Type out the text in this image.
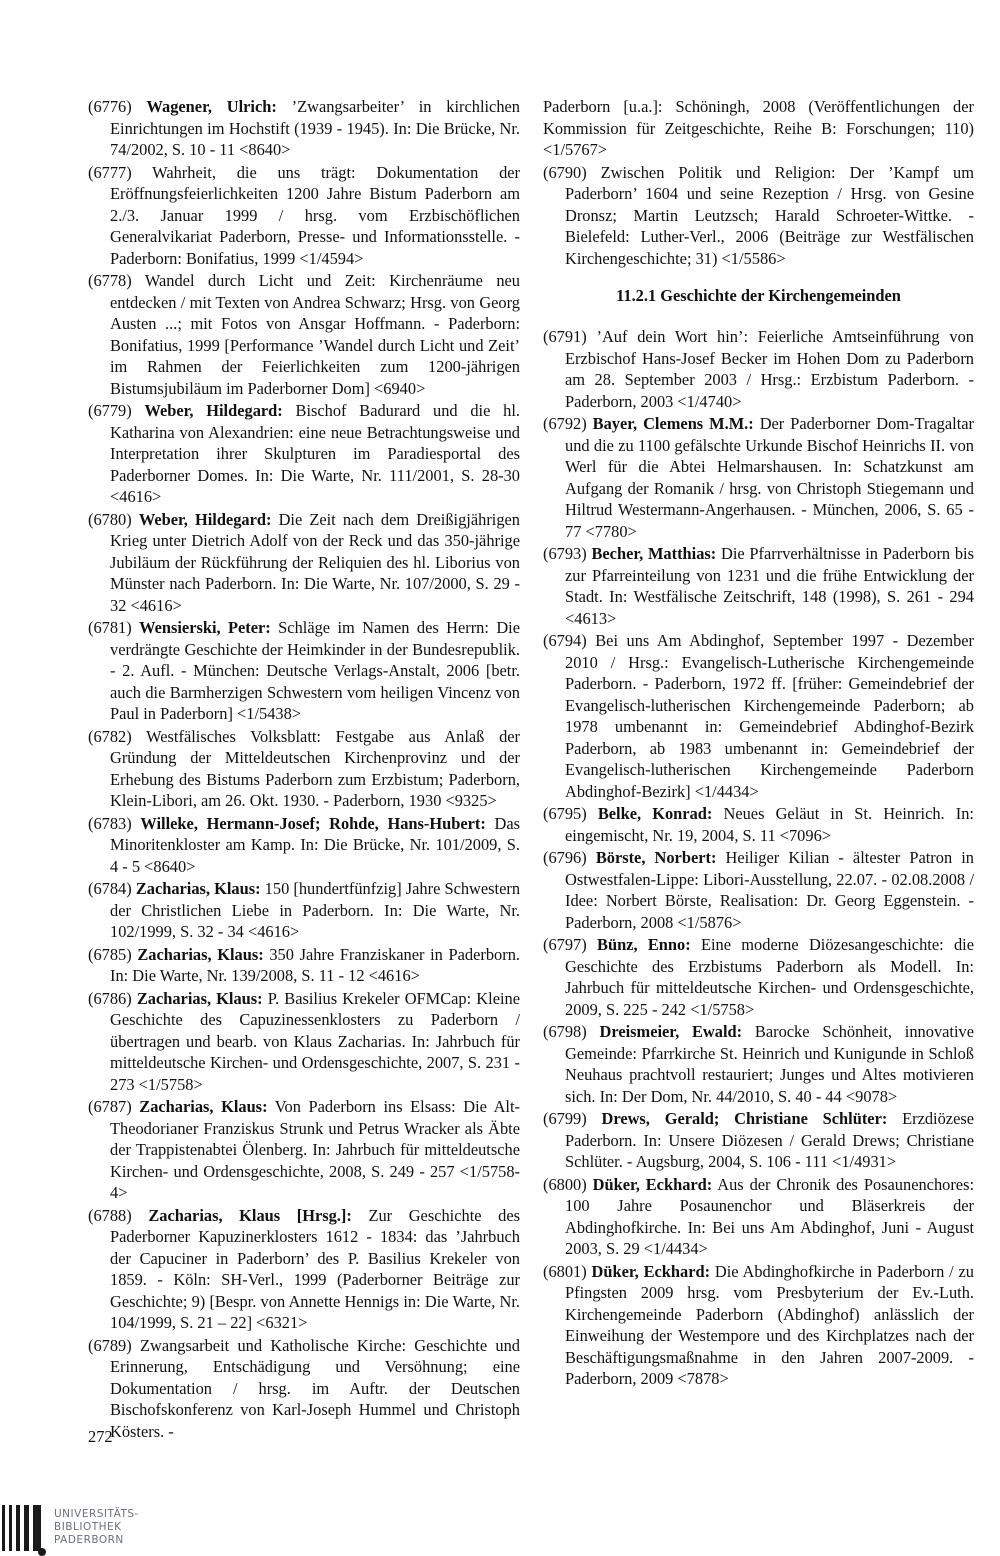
(6776) Wagener, Ulrich: ’Zwangsarbeiter’ in kirchlichen Einrichtungen im Hochstift (1939 - 1945). In: Die Brücke, Nr. 74/2002, S. 10 - 11 <8640>
(6777) Wahrheit, die uns trägt: Dokumentation der Eröffnungsfeierlichkeiten 1200 Jahre Bistum Paderborn am 2./3. Januar 1999 / hrsg. vom Erzbischöflichen Generalvikariat Paderborn, Presse- und Informationsstelle. - Paderborn: Bonifatius, 1999 <1/4594>
(6778) Wandel durch Licht und Zeit: Kirchenräume neu entdecken / mit Texten von Andrea Schwarz; Hrsg. von Georg Austen ...; mit Fotos von Ansgar Hoffmann. - Paderborn: Bonifatius, 1999 [Performance ’Wandel durch Licht und Zeit’ im Rahmen der Feierlichkeiten zum 1200-jährigen Bistumsjubiläum im Paderborner Dom] <6940>
(6779) Weber, Hildegard: Bischof Badurard und die hl. Katharina von Alexandrien: eine neue Betrachtungsweise und Interpretation ihrer Skulpturen im Paradiesportal des Paderborner Domes. In: Die Warte, Nr. 111/2001, S. 28-30 <4616>
(6780) Weber, Hildegard: Die Zeit nach dem Dreißigjährigen Krieg unter Dietrich Adolf von der Reck und das 350-jährige Jubiläum der Rückführung der Reliquien des hl. Liborius von Münster nach Paderborn. In: Die Warte, Nr. 107/2000, S. 29 - 32 <4616>
(6781) Wensierski, Peter: Schläge im Namen des Herrn: Die verdrängte Geschichte der Heimkinder in der Bundesrepublik. - 2. Aufl. - München: Deutsche Verlags-Anstalt, 2006 [betr. auch die Barmherzigen Schwestern vom heiligen Vincenz von Paul in Paderborn] <1/5438>
(6782) Westfälisches Volksblatt: Festgabe aus Anlaß der Gründung der Mitteldeutschen Kirchenprovinz und der Erhebung des Bistums Paderborn zum Erzbistum; Paderborn, Klein-Libori, am 26. Okt. 1930. - Paderborn, 1930 <9325>
(6783) Willeke, Hermann-Josef; Rohde, Hans-Hubert: Das Minoritenkloster am Kamp. In: Die Brücke, Nr. 101/2009, S. 4 - 5 <8640>
(6784) Zacharias, Klaus: 150 [hundertfünfzig] Jahre Schwestern der Christlichen Liebe in Paderborn. In: Die Warte, Nr. 102/1999, S. 32 - 34 <4616>
(6785) Zacharias, Klaus: 350 Jahre Franziskaner in Paderborn. In: Die Warte, Nr. 139/2008, S. 11 - 12 <4616>
(6786) Zacharias, Klaus: P. Basilius Krekeler OFMCap: Kleine Geschichte des Capuzinessenklosters zu Paderborn / übertragen und bearb. von Klaus Zacharias. In: Jahrbuch für mitteldeutsche Kirchen- und Ordensgeschichte, 2007, S. 231 - 273 <1/5758>
(6787) Zacharias, Klaus: Von Paderborn ins Elsass: Die Alt-Theodorianer Franziskus Strunk und Petrus Wracker als Äbte der Trappistenabtei Ölenberg. In: Jahrbuch für mitteldeutsche Kirchen- und Ordensgeschichte, 2008, S. 249 - 257 <1/5758-4>
(6788) Zacharias, Klaus [Hrsg.]: Zur Geschichte des Paderborner Kapuzinerklosters 1612 - 1834: das ’Jahrbuch der Capuciner in Paderborn’ des P. Basilius Krekeler von 1859. - Köln: SH-Verl., 1999 (Paderborner Beiträge zur Geschichte; 9) [Bespr. von Annette Hennigs in: Die Warte, Nr. 104/1999, S. 21 – 22] <6321>
(6789) Zwangsarbeit und Katholische Kirche: Geschichte und Erinnerung, Entschädigung und Versöhnung; eine Dokumentation / hrsg. im Auftr. der Deutschen Bischofskonferenz von Karl-Joseph Hummel und Christoph Kösters. -
Paderborn [u.a.]: Schöningh, 2008 (Veröffentlichungen der Kommission für Zeitgeschichte, Reihe B: Forschungen; 110) <1/5767>
(6790) Zwischen Politik und Religion: Der ’Kampf um Paderborn’ 1604 und seine Rezeption / Hrsg. von Gesine Dronsz; Martin Leutzsch; Harald Schroeter-Wittke. - Bielefeld: Luther-Verl., 2006 (Beiträge zur Westfälischen Kirchengeschichte; 31) <1/5586>
11.2.1 Geschichte der Kirchengemeinden
(6791) ’Auf dein Wort hin’: Feierliche Amtseinführung von Erzbischof Hans-Josef Becker im Hohen Dom zu Paderborn am 28. September 2003 / Hrsg.: Erzbistum Paderborn. - Paderborn, 2003 <1/4740>
(6792) Bayer, Clemens M.M.: Der Paderborner Dom-Tragaltar und die zu 1100 gefälschte Urkunde Bischof Heinrichs II. von Werl für die Abtei Helmarshausen. In: Schatzkunst am Aufgang der Romanik / hrsg. von Christoph Stiegemann und Hiltrud Westermann-Angerhausen. - München, 2006, S. 65 - 77 <7780>
(6793) Becher, Matthias: Die Pfarrverhältnisse in Paderborn bis zur Pfarreinteilung von 1231 und die frühe Entwicklung der Stadt. In: Westfälische Zeitschrift, 148 (1998), S. 261 - 294 <4613>
(6794) Bei uns Am Abdinghof, September 1997 - Dezember 2010 / Hrsg.: Evangelisch-Lutherische Kirchengemeinde Paderborn. - Paderborn, 1972 ff. [früher: Gemeindebrief der Evangelisch-lutherischen Kirchengemeinde Paderborn; ab 1978 umbenannt in: Gemeindebrief Abdinghof-Bezirk Paderborn, ab 1983 umbenannt in: Gemeindebrief der Evangelisch-lutherischen Kirchengemeinde Paderborn Abdinghof-Bezirk] <1/4434>
(6795) Belke, Konrad: Neues Geläut in St. Heinrich. In: eingemischt, Nr. 19, 2004, S. 11 <7096>
(6796) Börste, Norbert: Heiliger Kilian - ältester Patron in Ostwestfalen-Lippe: Libori-Ausstellung, 22.07. - 02.08.2008 / Idee: Norbert Börste, Realisation: Dr. Georg Eggenstein. - Paderborn, 2008 <1/5876>
(6797) Bünz, Enno: Eine moderne Diözesangeschichte: die Geschichte des Erzbistums Paderborn als Modell. In: Jahrbuch für mitteldeutsche Kirchen- und Ordensgeschichte, 2009, S. 225 - 242 <1/5758>
(6798) Dreismeier, Ewald: Barocke Schönheit, innovative Gemeinde: Pfarrkirche St. Heinrich und Kunigunde in Schloß Neuhaus prachtvoll restauriert; Junges und Altes motivieren sich. In: Der Dom, Nr. 44/2010, S. 40 - 44 <9078>
(6799) Drews, Gerald; Christiane Schlüter: Erzdiözese Paderborn. In: Unsere Diözesen / Gerald Drews; Christiane Schlüter. - Augsburg, 2004, S. 106 - 111 <1/4931>
(6800) Düker, Eckhard: Aus der Chronik des Posaunenchores: 100 Jahre Posaunenchor und Bläserkreis der Abdinghofkirche. In: Bei uns Am Abdinghof, Juni - August 2003, S. 29 <1/4434>
(6801) Düker, Eckhard: Die Abdinghofkirche in Paderborn / zu Pfingsten 2009 hrsg. vom Presbyterium der Ev.-Luth. Kirchengemeinde Paderborn (Abdinghof) anlässlich der Einweihung der Westempore und des Kirchplatzes nach der Beschäftigungsmaßnahme in den Jahren 2007-2009. - Paderborn, 2009 <7878>
272
UNIVERSITÄTS-
BIBLIOTHEK
PADERBORN
